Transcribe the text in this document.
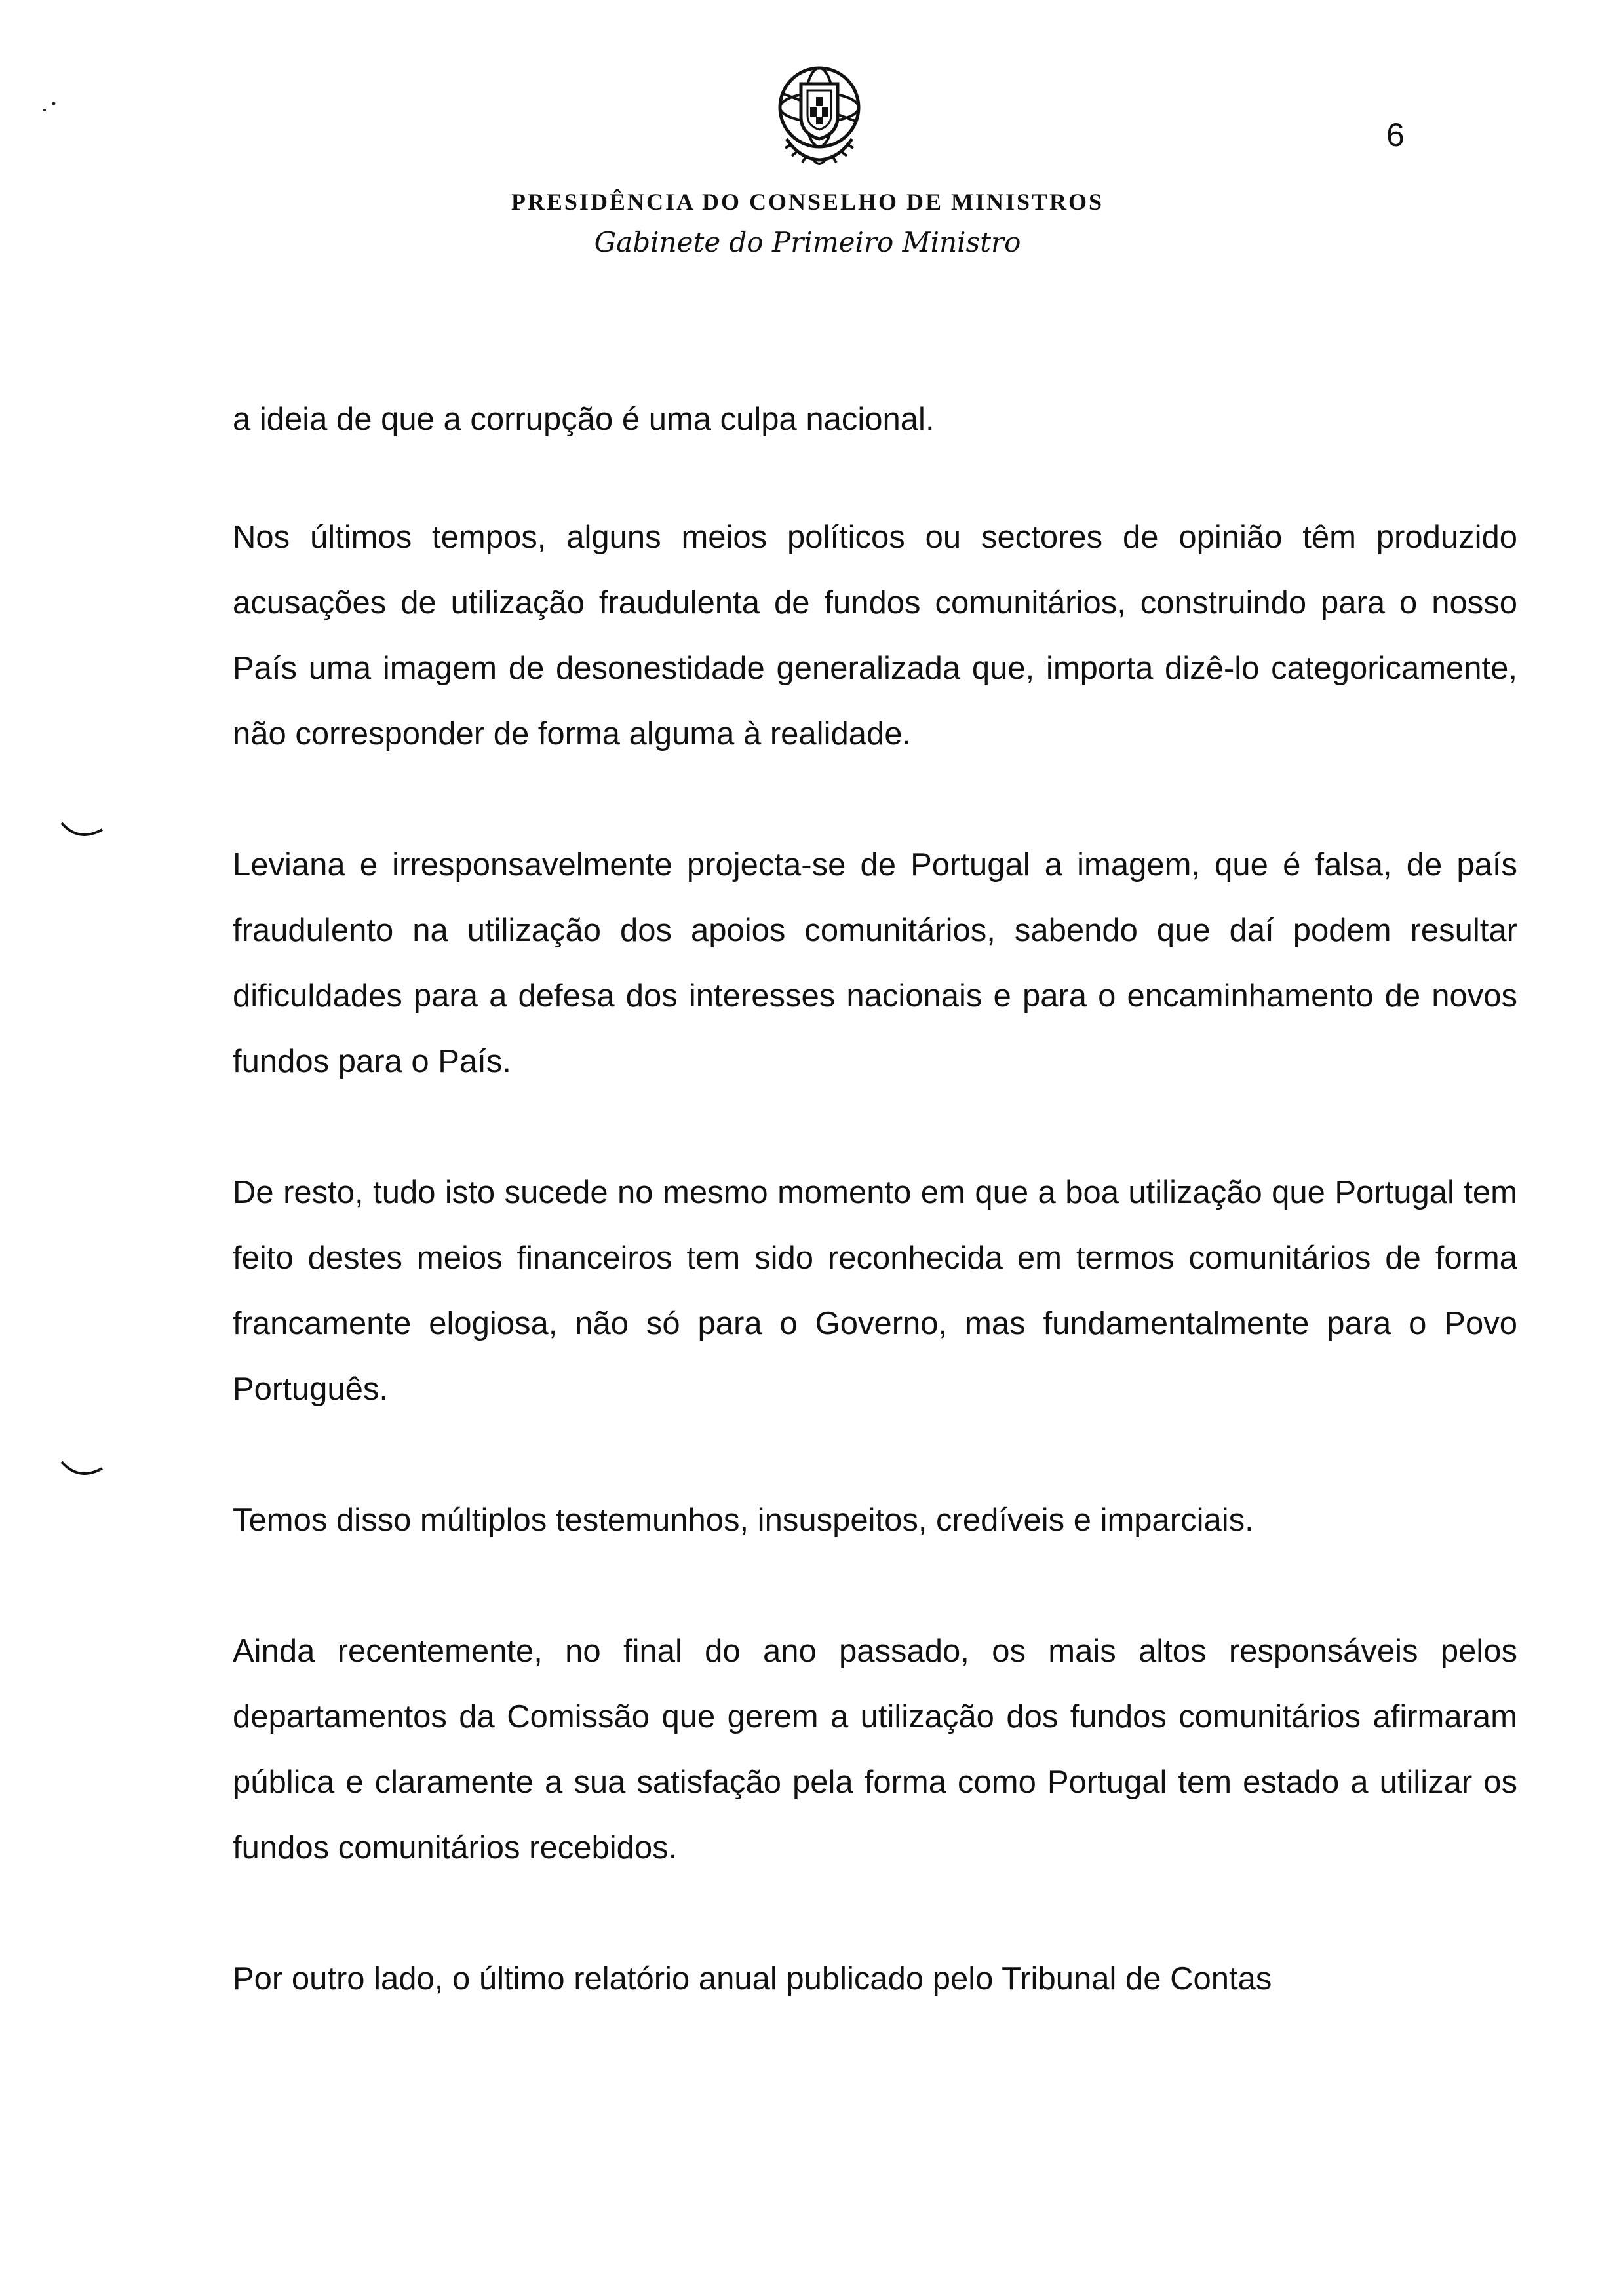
6
PRESIDÊNCIA DO CONSELHO DE MINISTROS
Gabinete do Primeiro Ministro

a ideia de que a corrupção é uma culpa nacional.

Nos últimos tempos, alguns meios políticos ou sectores de opinião têm produzido acusações de utilização fraudulenta de fundos comunitários, construindo para o nosso País uma imagem de desonestidade generalizada que, importa dizê-lo categoricamente, não corresponder de forma alguma à realidade.

Leviana e irresponsavelmente projecta-se de Portugal a imagem, que é falsa, de país fraudulento na utilização dos apoios comunitários, sabendo que daí podem resultar dificuldades para a defesa dos interesses nacionais e para o encaminhamento de novos fundos para o País.

De resto, tudo isto sucede no mesmo momento em que a boa utilização que Portugal tem feito destes meios financeiros tem sido reconhecida em termos comunitários de forma francamente elogiosa, não só para o Governo, mas fundamentalmente para o Povo Português.

Temos disso múltiplos testemunhos, insuspeitos, credíveis e imparciais.

Ainda recentemente, no final do ano passado, os mais altos responsáveis pelos departamentos da Comissão que gerem a utilização dos fundos comunitários afirmaram pública e claramente a sua satisfação pela forma como Portugal tem estado a utilizar os fundos comunitários recebidos.

Por outro lado, o último relatório anual publicado pelo Tribunal de Contas
